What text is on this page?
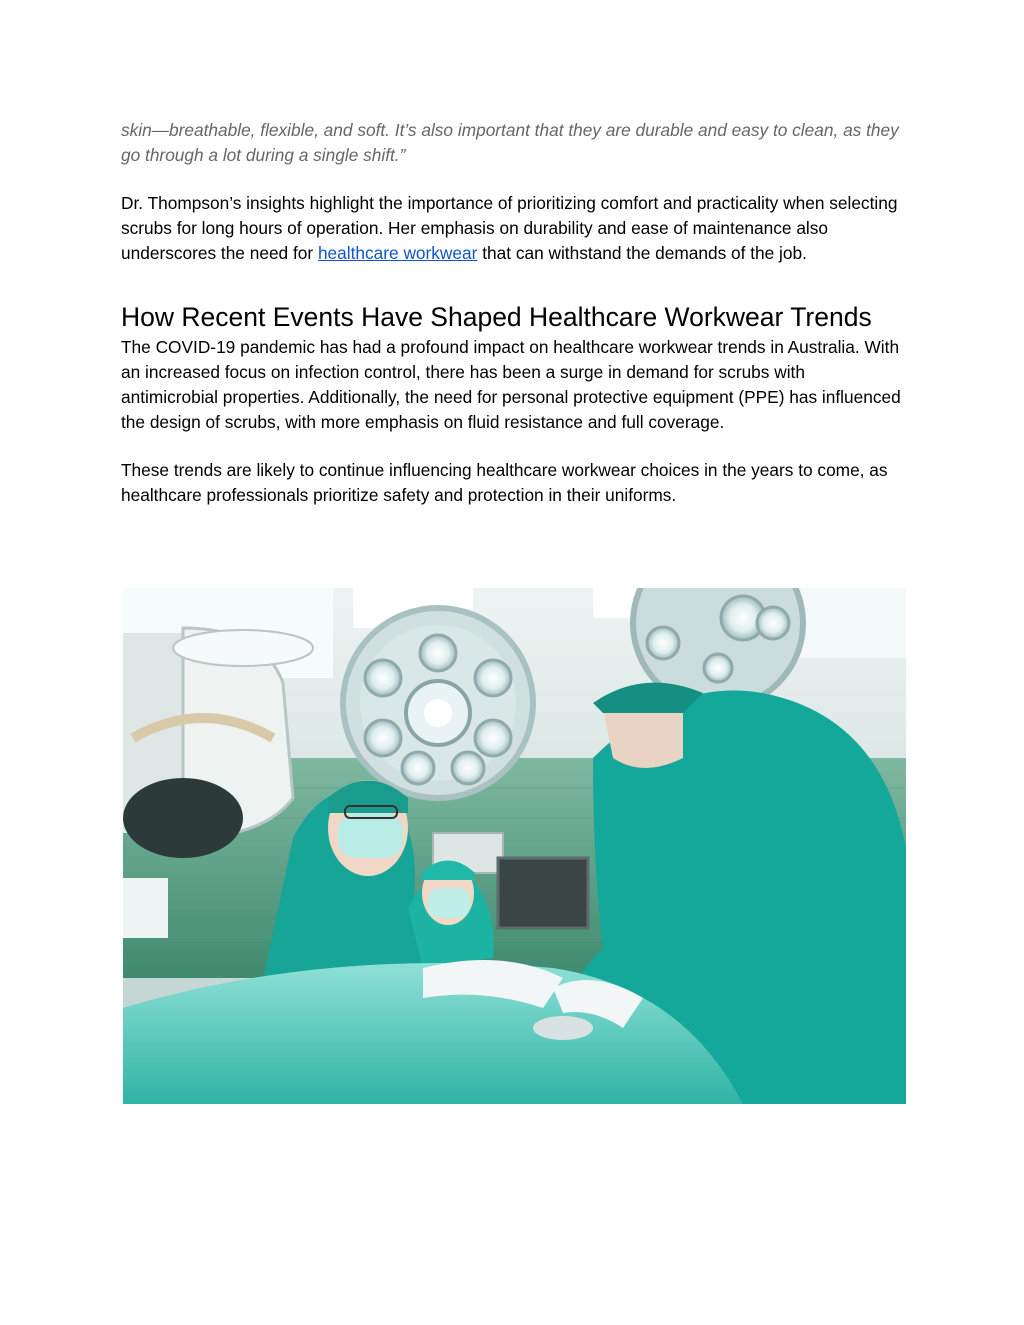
skin—breathable, flexible, and soft. It’s also important that they are durable and easy to clean, as they go through a lot during a single shift.”

Dr. Thompson’s insights highlight the importance of prioritizing comfort and practicality when selecting scrubs for long hours of operation. Her emphasis on durability and ease of maintenance also underscores the need for healthcare workwear that can withstand the demands of the job.

How Recent Events Have Shaped Healthcare Workwear Trends

The COVID-19 pandemic has had a profound impact on healthcare workwear trends in Australia. With an increased focus on infection control, there has been a surge in demand for scrubs with antimicrobial properties. Additionally, the need for personal protective equipment (PPE) has influenced the design of scrubs, with more emphasis on fluid resistance and full coverage.

These trends are likely to continue influencing healthcare workwear choices in the years to come, as healthcare professionals prioritize safety and protection in their uniforms.
